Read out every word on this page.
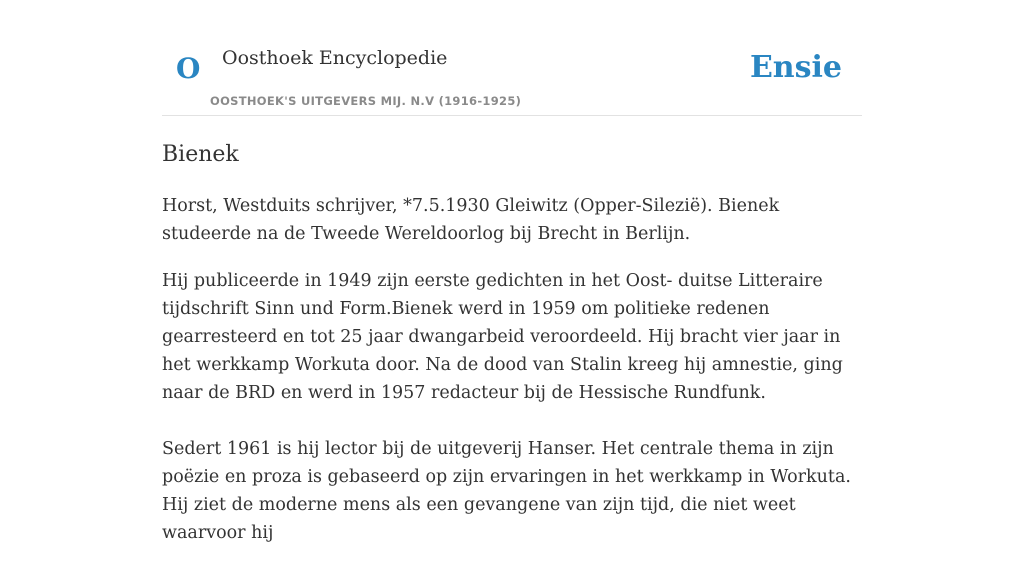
O Oosthoek Encyclopedie
OOSTHOEK'S UITGEVERS MIJ. N.V (1916-1925)
Ensie
Bienek

Horst, Westduits schrijver, *7.5.1930 Gleiwitz (Opper-Silezië). Bienek studeerde na de Tweede Wereldoorlog bij Brecht in Berlijn.

Hij publiceerde in 1949 zijn eerste gedichten in het Oost- duitse Litteraire tijdschrift Sinn und Form.Bienek werd in 1959 om politieke redenen gearresteerd en tot 25 jaar dwangarbeid veroordeeld. Hij bracht vier jaar in het werkkamp Workuta door. Na de dood van Stalin kreeg hij amnestie, ging naar de BRD en werd in 1957 redacteur bij de Hessische Rundfunk.

Sedert 1961 is hij lector bij de uitgeverij Hanser. Het centrale thema in zijn poëzie en proza is gebaseerd op zijn ervaringen in het werkkamp in Workuta. Hij ziet de moderne mens als een gevangene van zijn tijd, die niet weet waarvoor hij
